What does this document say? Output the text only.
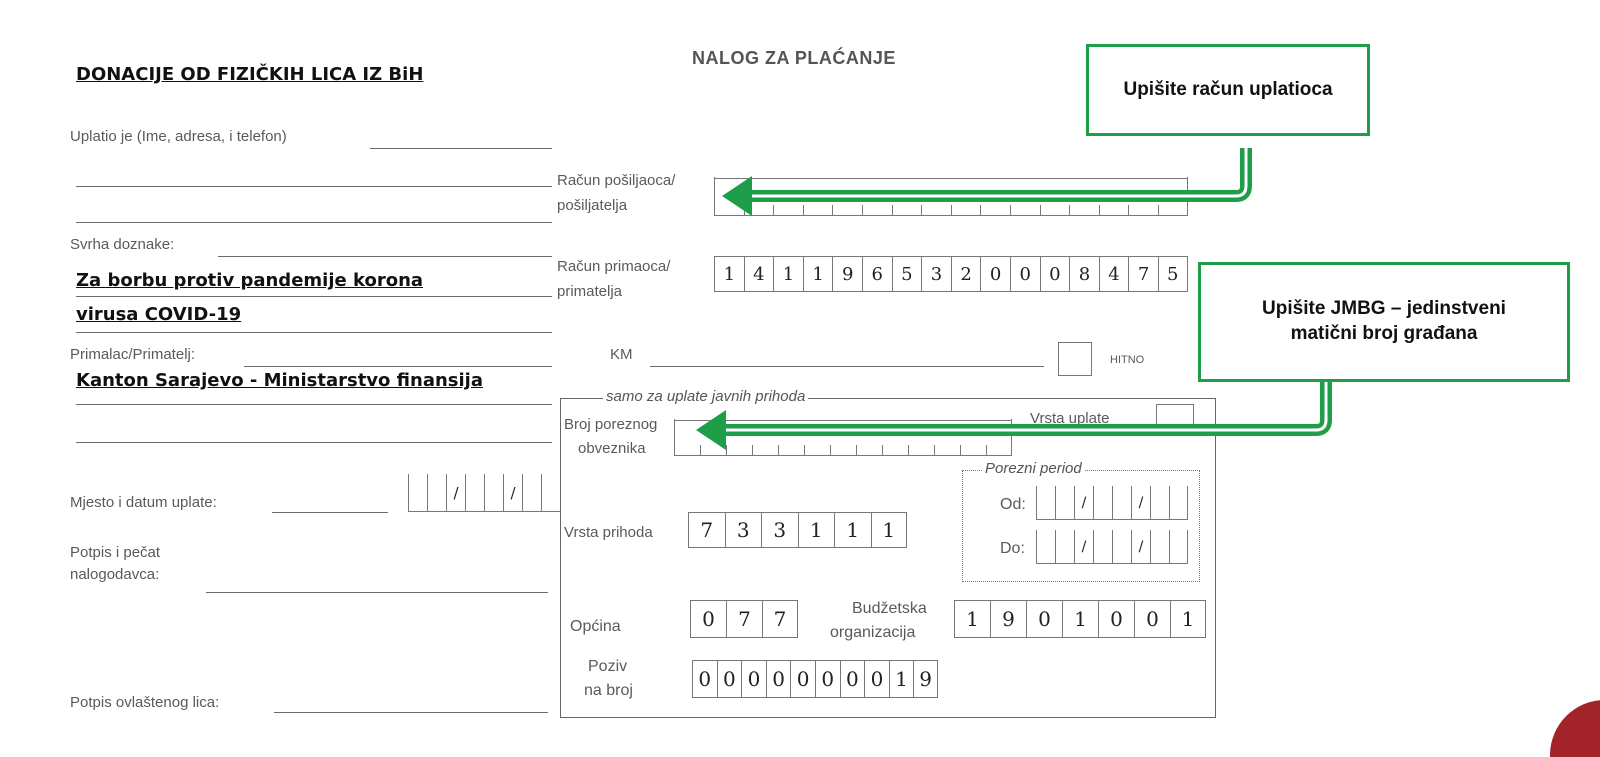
DONACIJE OD FIZIČKIH LICA IZ BiH
Uplatio je (Ime, adresa, i telefon)
Svrha doznake:
Za borbu protiv pandemije korona
virusa COVID-19
Primalac/Primatelj:
Kanton Sarajevo - Ministarstvo finansija
Mjesto i datum uplate:
/	/
Potpis i pečat
nalogodavca:
Potpis ovlaštenog lica:
NALOG ZA PLAĆANJE
Račun pošiljaoca/
pošiljatelja
Račun primaoca/
primatelja
1	4	1	1	9	6	5	3	2	0	0	0	8	4	7 5
KM	HITNO
samo za uplate javnih prihoda
Broj poreznog
obveznika
Vrsta uplate
Porezni period
Od:	/	/
Do:	/	/
Vrsta prihoda	7	3	3	1	1	1
Općina	0	7	7	Budžetska
organizacija
1	9	0	1	0	0	1
Poziv
na broj	0 0 0 0 0 0 0 0 1 9
Upišite račun uplatioca
Upišite JMBG – jedinstveni
matični broj građana
